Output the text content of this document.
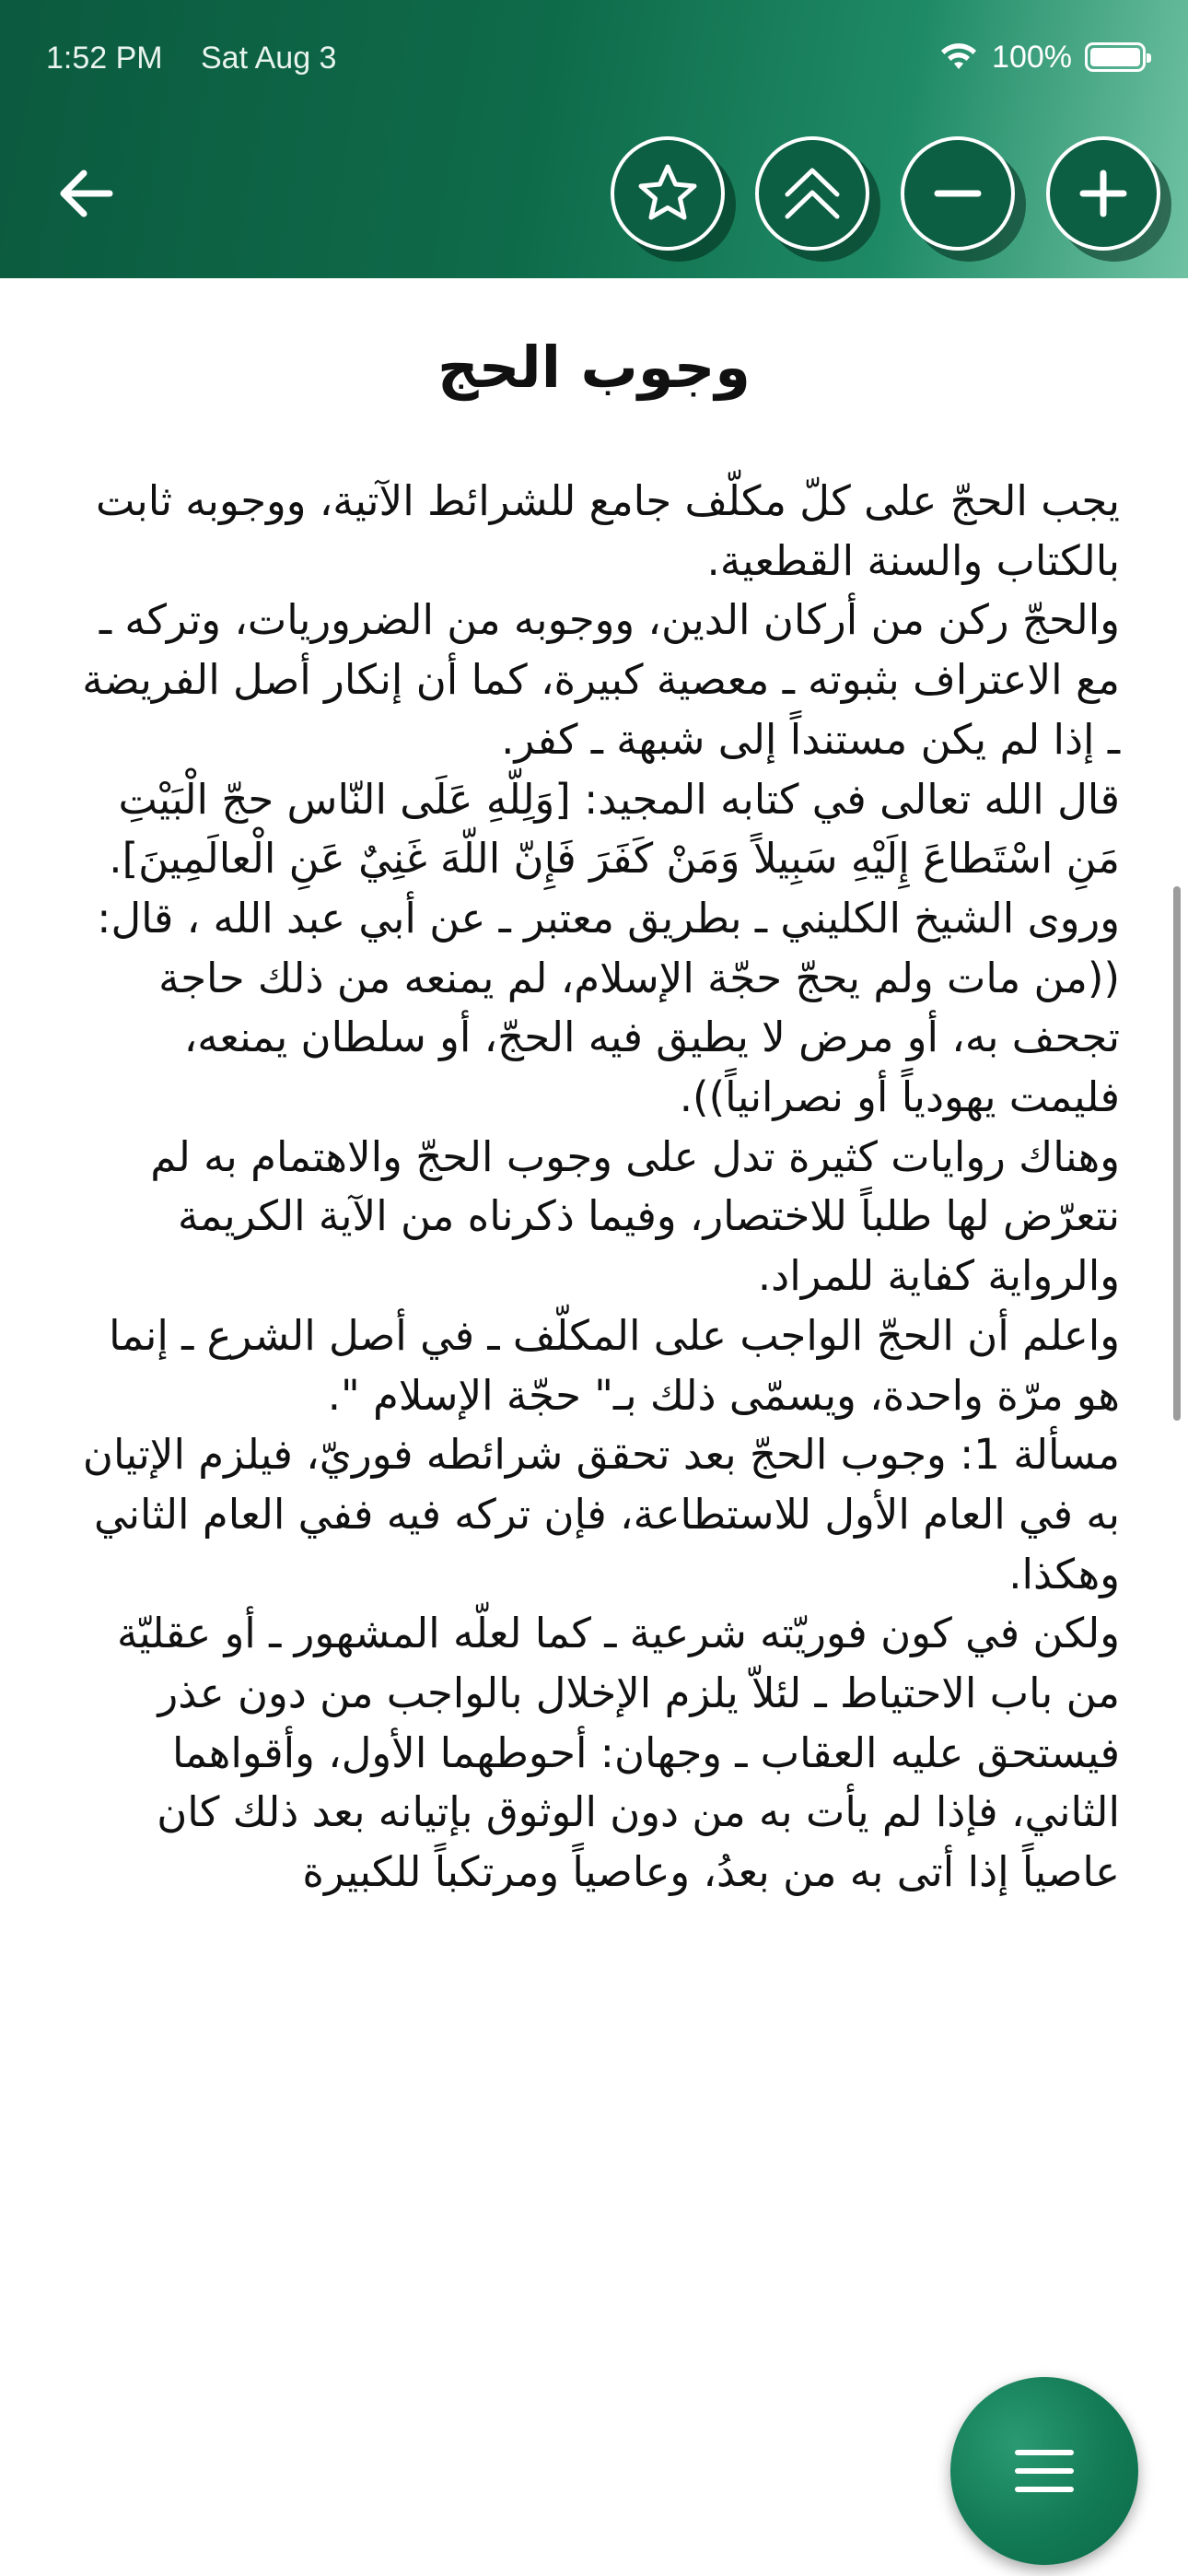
1:52 PM Sat Aug 3	100%
وجوب الحج

يجب الحجّ على كلّ مكلّف جامع للشرائط الآتية، ووجوبه ثابت بالكتاب والسنة القطعية.

والحجّ ركن من أركان الدين، ووجوبه من الضروريات، وتركه ـ مع الاعتراف بثبوته ـ معصية كبيرة، كما أن إنكار أصل الفريضة ـ إذا لم يكن مستنداً إلى شبهة ـ كفر.

قال الله تعالى في كتابه المجيد: [وَلِلّهِ عَلَى النّاس حجّ الْبَيْتِ مَنِ اسْتَطاعَ إِلَيْهِ سَبِيلاً وَمَنْ كَفَرَ فَإِنّ اللّهَ غَنِيٌ عَنِ الْعالَمِينَ].

وروى الشيخ الكليني ـ بطريق معتبر ـ عن أبي عبد الله ، قال: ((من مات ولم يحجّ حجّة الإسلام، لم يمنعه من ذلك حاجة تجحف به، أو مرض لا يطيق فيه الحجّ، أو سلطان يمنعه، فليمت يهودياً أو نصرانياً)).

وهناك روايات كثيرة تدل على وجوب الحجّ والاهتمام به لم نتعرّض لها طلباً للاختصار، وفيما ذكرناه من الآية الكريمة والرواية كفاية للمراد.

واعلم أن الحجّ الواجب على المكلّف ـ في أصل الشرع ـ إنما هو مرّة واحدة، ويسمّى ذلك بـ" حجّة الإسلام ".

مسألة 1: وجوب الحجّ بعد تحقق شرائطه فوريّ، فيلزم الإتيان به في العام الأول للاستطاعة، فإن تركه فيه ففي العام الثاني وهكذا.

ولكن في كون فوريّته شرعية ـ كما لعلّه المشهور ـ أو عقليّة من باب الاحتياط ـ لئلاّ يلزم الإخلال بالواجب من دون عذر فيستحق عليه العقاب ـ وجهان: أحوطهما الأول، وأقواهما الثاني، فإذا لم يأت به من دون الوثوق بإتيانه بعد ذلك كان عاصياً إذا أتى به من بعدُ، وعاصياً ومرتكباً للكبيرة
